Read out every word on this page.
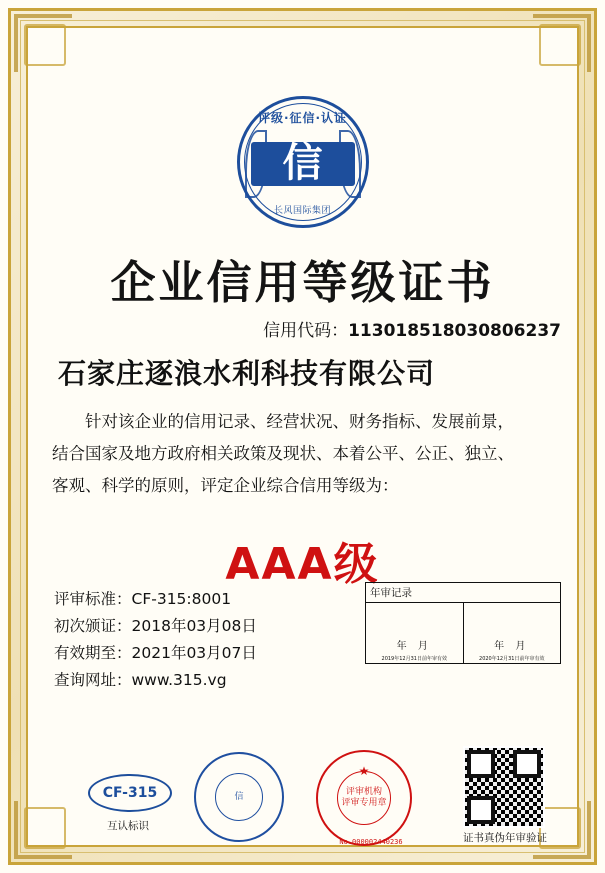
评级·征信·认证
信
长风国际集团
企业信用等级证书
信用代码：113018518030806237
石家庄逐浪水利科技有限公司

针对该企业的信用记录、经营状况、财务指标、发展前景，

结合国家及地方政府相关政策及现状、本着公平、公正、独立、

客观、科学的原则，评定企业综合信用等级为：

AAA级
评审标准：CF-315:8001
初次颁证：2018年03月08日
有效期至：2021年03月07日
查询网址：www.315.vg
年审记录
年 月
2019年12月31日前年审有效
年 月
2020年12月31日前年审有效
CF-315
互认标识
信
★
评审机构
评审专用章
No.000002440236	证书真伪年审验证
